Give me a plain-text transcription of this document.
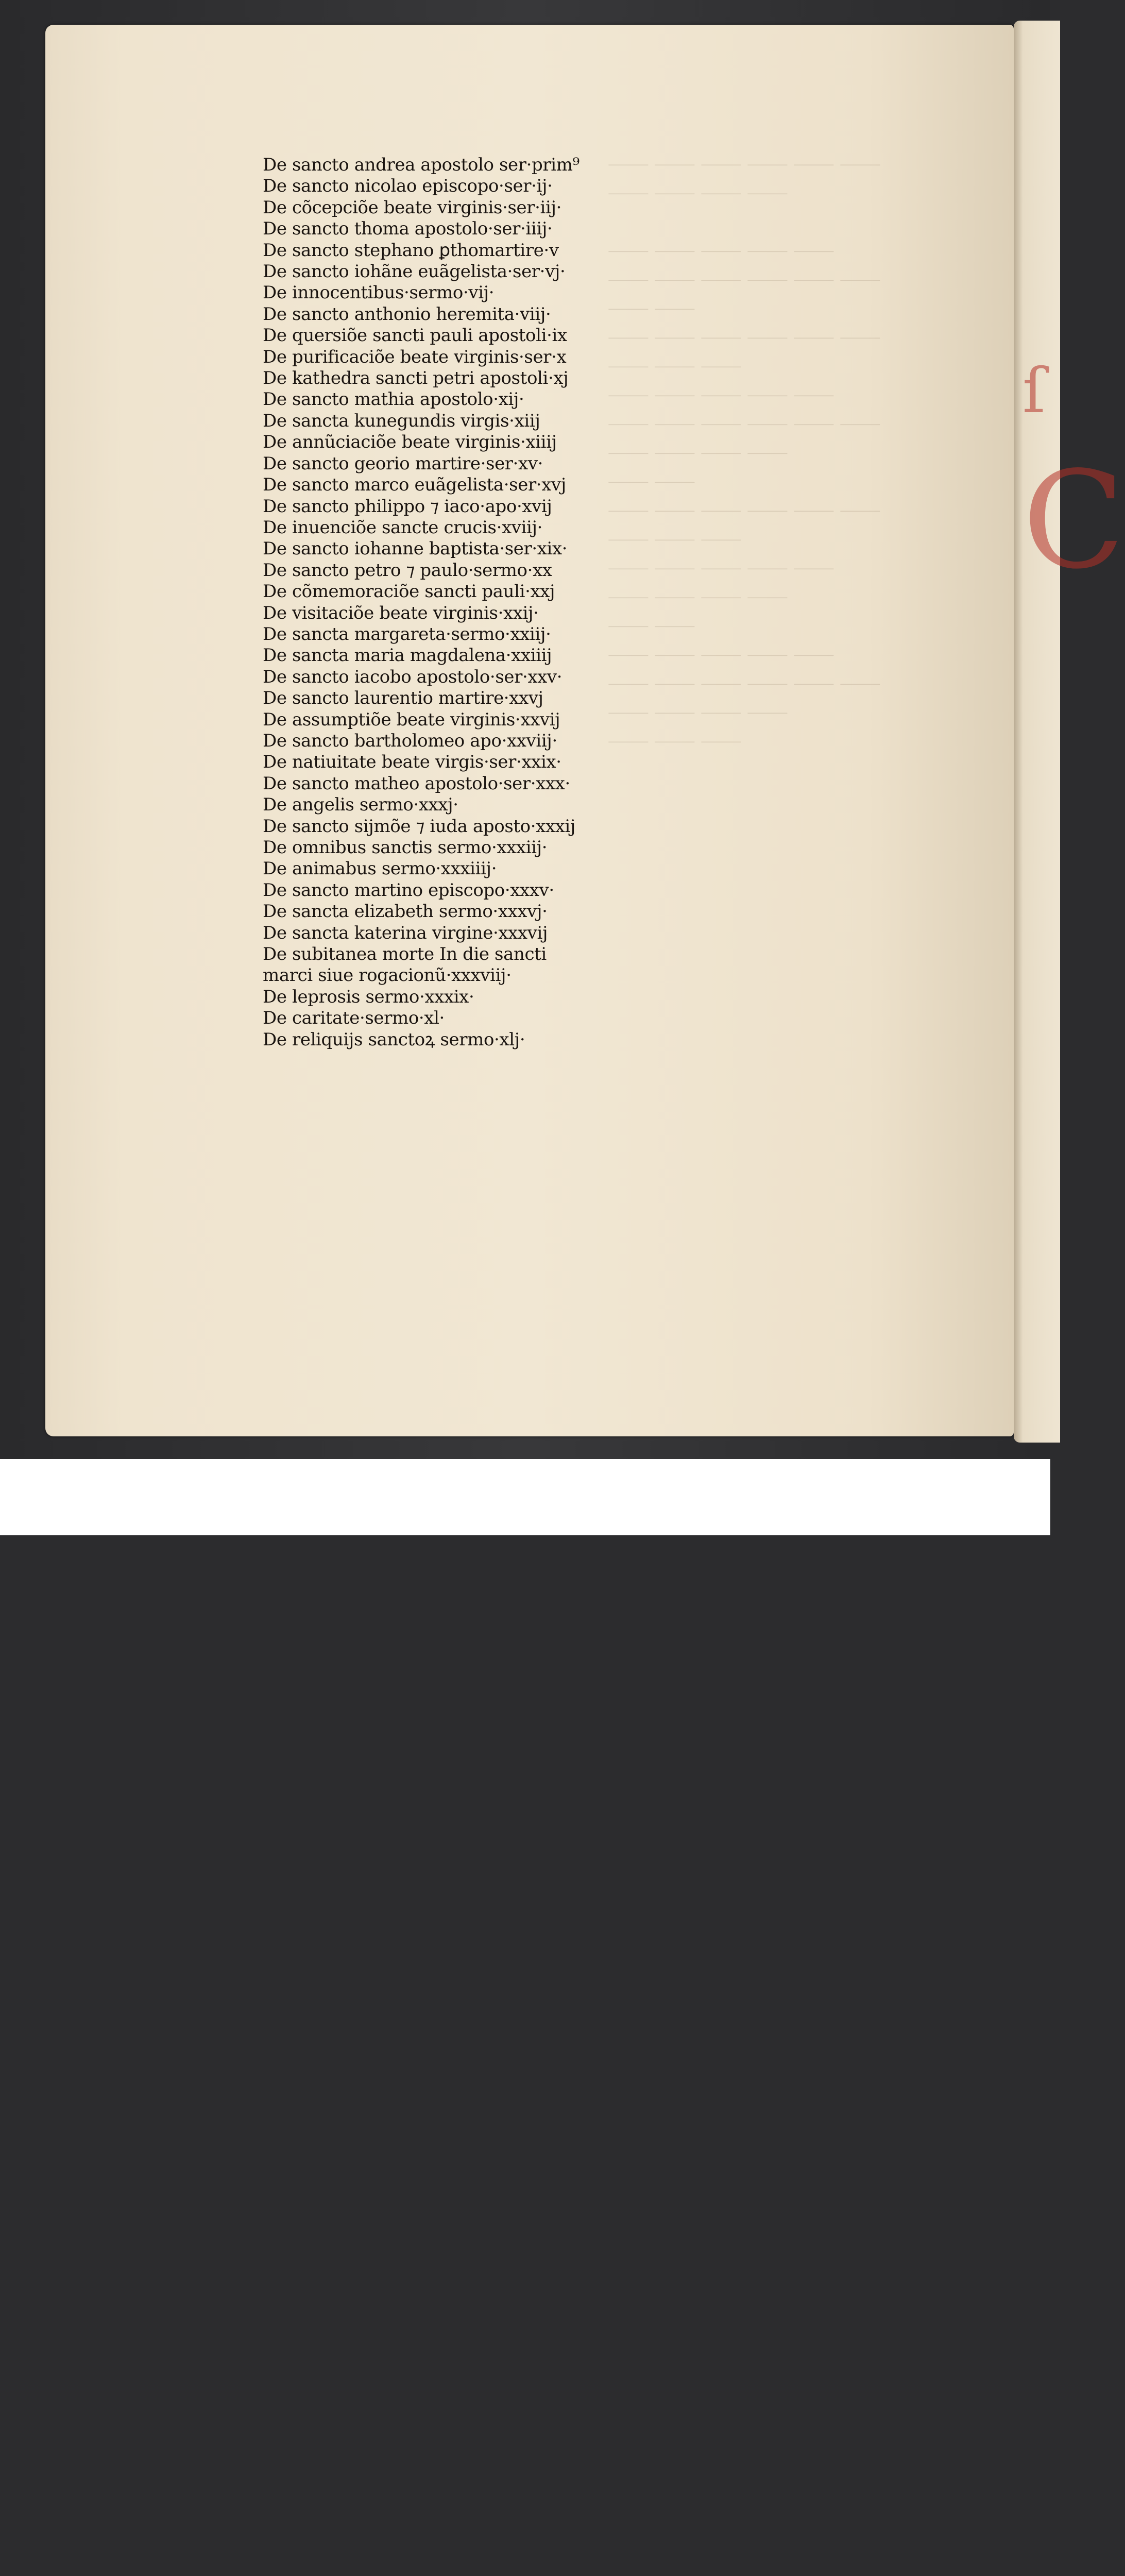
ſ
C
De sancto andrea apostolo ser·prim⁹
De sancto nicolao episcopo·ser·ij·
De cõcepciõe beate virginis·ser·iij·
De sancto thoma apostolo·ser·iiij·
De sancto stephano ꝑthomartire·v
De sancto iohãne euãgelista·ser·vj·
De innocentibus·sermo·vij·
De sancto anthonio heremita·viij·
De quersiõe sancti pauli apostoli·ix
De purificaciõe beate virginis·ser·x
De kathedra sancti petri apostoli·xj
De sancto mathia apostolo·xij·
De sancta kunegundis virgis·xiij
De annũciaciõe beate virginis·xiiij
De sancto georio martire·ser·xv·
De sancto marco euãgelista·ser·xvj
De sancto philippo ⁊ iaco·apo·xvij
De inuenciõe sancte crucis·xviij·
De sancto iohanne baptista·ser·xix·
De sancto petro ⁊ paulo·sermo·xx
De cõmemoraciõe sancti pauli·xxj
De visitaciõe beate virginis·xxij·
De sancta margareta·sermo·xxiij·
De sancta maria magdalena·xxiiij
De sancto iacobo apostolo·ser·xxv·
De sancto laurentio martire·xxvj
De assumptiõe beate virginis·xxvij
De sancto bartholomeo apo·xxviij·
De natiuitate beate virgis·ser·xxix·
De sancto matheo apostolo·ser·xxx·
De angelis sermo·xxxj·
De sancto sijmõe ⁊ iuda apostо·xxxij
De omnibus sanctis sermo·xxxiij·
De animabus sermo·xxxiiij·
De sancto martino episcopo·xxxv·
De sancta elizabeth sermo·xxxvj·
De sancta katerina virgine·xxxvij
De subitanea morte In die sancti
marci siue rogacionũ·xxxviij·
De leprosis sermo·xxxix·
De caritate·sermo·xl·
De reliquijs sanctoꝝ sermo·xlj·
